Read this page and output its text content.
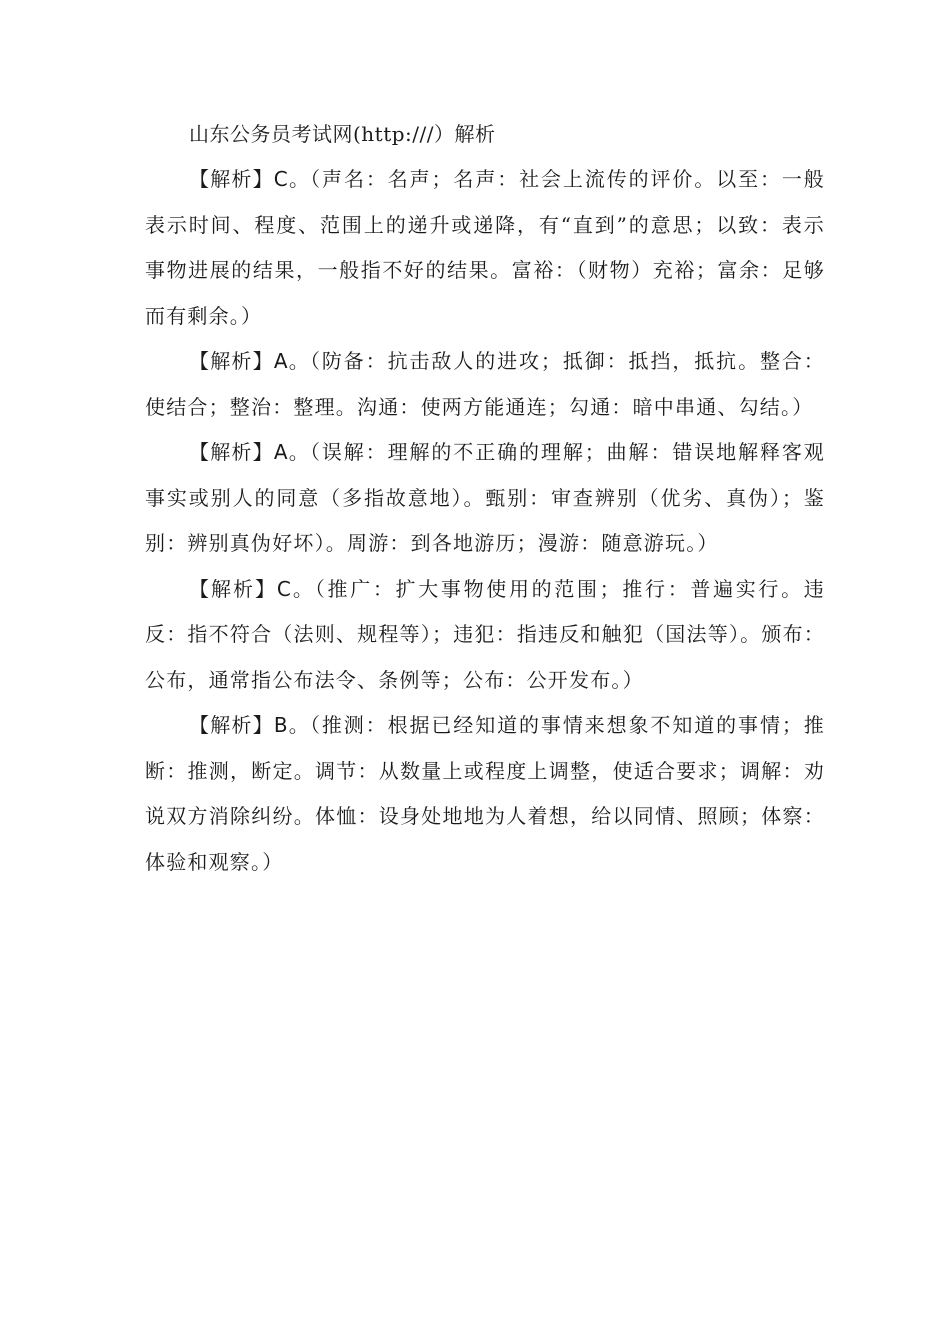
山东公务员考试网(http:///）解析

【解析】C。（声名：名声；名声：社会上流传的评价。以至：一般表示时间、程度、范围上的递升或递降，有“直到”的意思；以致：表示事物进展的结果，一般指不好的结果。富裕：（财物）充裕；富余：足够而有剩余。）

【解析】A。（防备：抗击敌人的进攻；抵御：抵挡，抵抗。整合：使结合；整治：整理。沟通：使两方能通连；勾通：暗中串通、勾结。）

【解析】A。（误解：理解的不正确的理解；曲解：错误地解释客观事实或别人的同意（多指故意地）。甄别：审查辨别（优劣、真伪）；鉴别：辨别真伪好坏）。周游：到各地游历；漫游：随意游玩。）

【解析】C。（推广：扩大事物使用的范围；推行：普遍实行。违反：指不符合（法则、规程等）；违犯：指违反和触犯（国法等）。颁布：公布，通常指公布法令、条例等；公布：公开发布。）

【解析】B。（推测：根据已经知道的事情来想象不知道的事情；推断：推测，断定。调节：从数量上或程度上调整，使适合要求；调解：劝说双方消除纠纷。体恤：设身处地地为人着想，给以同情、照顾；体察：体验和观察。）
